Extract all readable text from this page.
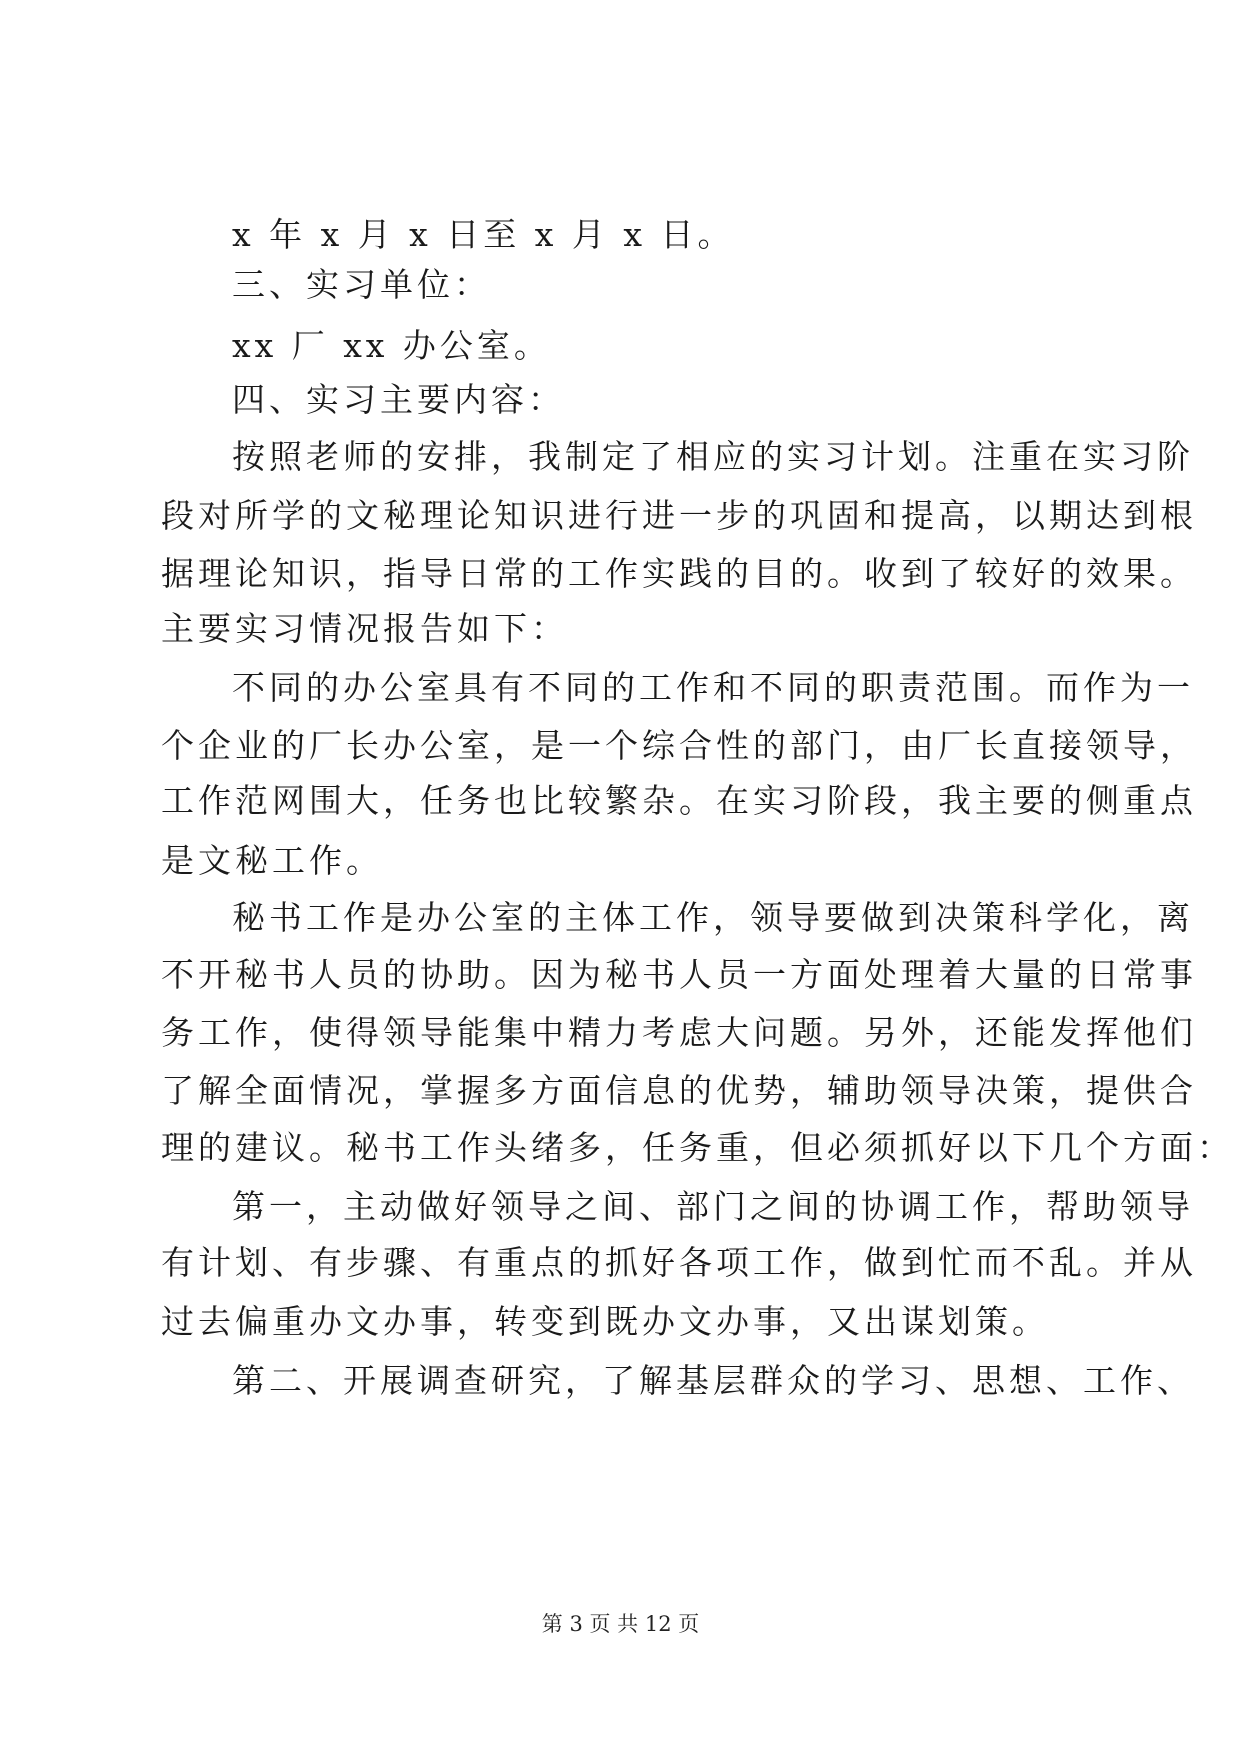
x 年 x 月 x 日至 x 月 x 日。
三、实习单位：
xx 厂 xx 办公室。
四、实习主要内容：
按照老师的安排，我制定了相应的实习计划。注重在实习阶
段对所学的文秘理论知识进行进一步的巩固和提高，以期达到根
据理论知识，指导日常的工作实践的目的。收到了较好的效果。
主要实习情况报告如下：
不同的办公室具有不同的工作和不同的职责范围。而作为一
个企业的厂长办公室，是一个综合性的部门，由厂长直接领导，
工作范网围大，任务也比较繁杂。在实习阶段，我主要的侧重点
是文秘工作。
秘书工作是办公室的主体工作，领导要做到决策科学化，离
不开秘书人员的协助。因为秘书人员一方面处理着大量的日常事
务工作，使得领导能集中精力考虑大问题。另外，还能发挥他们
了解全面情况，掌握多方面信息的优势，辅助领导决策，提供合
理的建议。秘书工作头绪多，任务重，但必须抓好以下几个方面：
第一，主动做好领导之间、部门之间的协调工作，帮助领导
有计划、有步骤、有重点的抓好各项工作，做到忙而不乱。并从
过去偏重办文办事，转变到既办文办事，又出谋划策。
第二、开展调查研究，了解基层群众的学习、思想、工作、
第 3 页 共 12 页
